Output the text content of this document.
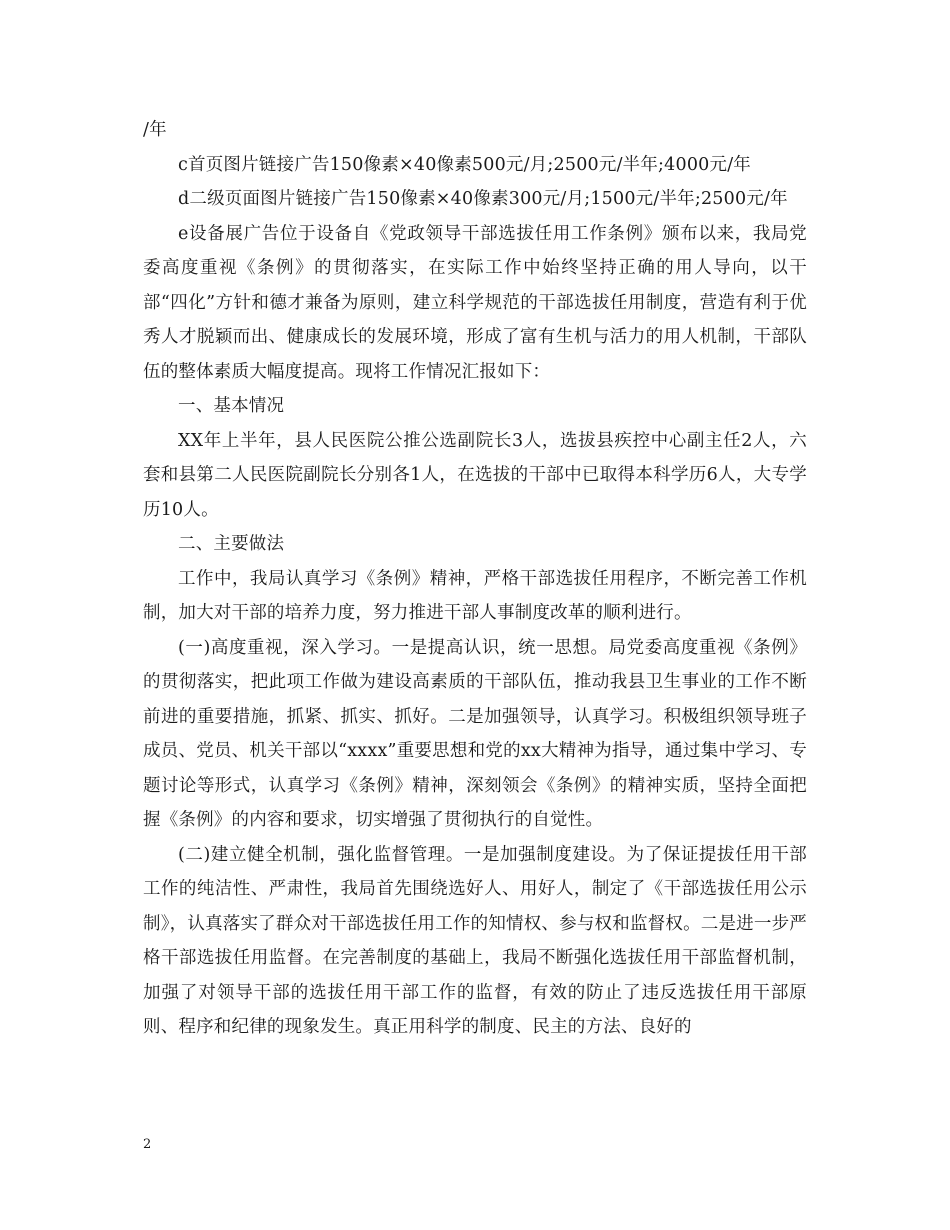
/年

c首页图片链接广告150像素×40像素500元/月;2500元/半年;4000元/年

d二级页面图片链接广告150像素×40像素300元/月;1500元/半年;2500元/年

e设备展广告位于设备自《党政领导干部选拔任用工作条例》颁布以来，我局党委高度重视《条例》的贯彻落实，在实际工作中始终坚持正确的用人导向，以干部“四化”方针和德才兼备为原则，建立科学规范的干部选拔任用制度，营造有利于优秀人才脱颖而出、健康成长的发展环境，形成了富有生机与活力的用人机制，干部队伍的整体素质大幅度提高。现将工作情况汇报如下：

一、基本情况

XX年上半年，县人民医院公推公选副院长3人，选拔县疾控中心副主任2人，六套和县第二人民医院副院长分别各1人，在选拔的干部中已取得本科学历6人，大专学历10人。

二、主要做法

工作中，我局认真学习《条例》精神，严格干部选拔任用程序，不断完善工作机制，加大对干部的培养力度，努力推进干部人事制度改革的顺利进行。

(一)高度重视，深入学习。一是提高认识，统一思想。局党委高度重视《条例》的贯彻落实，把此项工作做为建设高素质的干部队伍，推动我县卫生事业的工作不断前进的重要措施，抓紧、抓实、抓好。二是加强领导，认真学习。积极组织领导班子成员、党员、机关干部以“xxxx”重要思想和党的xx大精神为指导，通过集中学习、专题讨论等形式，认真学习《条例》精神，深刻领会《条例》的精神实质，坚持全面把握《条例》的内容和要求，切实增强了贯彻执行的自觉性。

(二)建立健全机制，强化监督管理。一是加强制度建设。为了保证提拔任用干部工作的纯洁性、严肃性，我局首先围绕选好人、用好人，制定了《干部选拔任用公示制》，认真落实了群众对干部选拔任用工作的知情权、参与权和监督权。二是进一步严格干部选拔任用监督。在完善制度的基础上，我局不断强化选拔任用干部监督机制，加强了对领导干部的选拔任用干部工作的监督，有效的防止了违反选拔任用干部原则、程序和纪律的现象发生。真正用科学的制度、民主的方法、良好的

2
